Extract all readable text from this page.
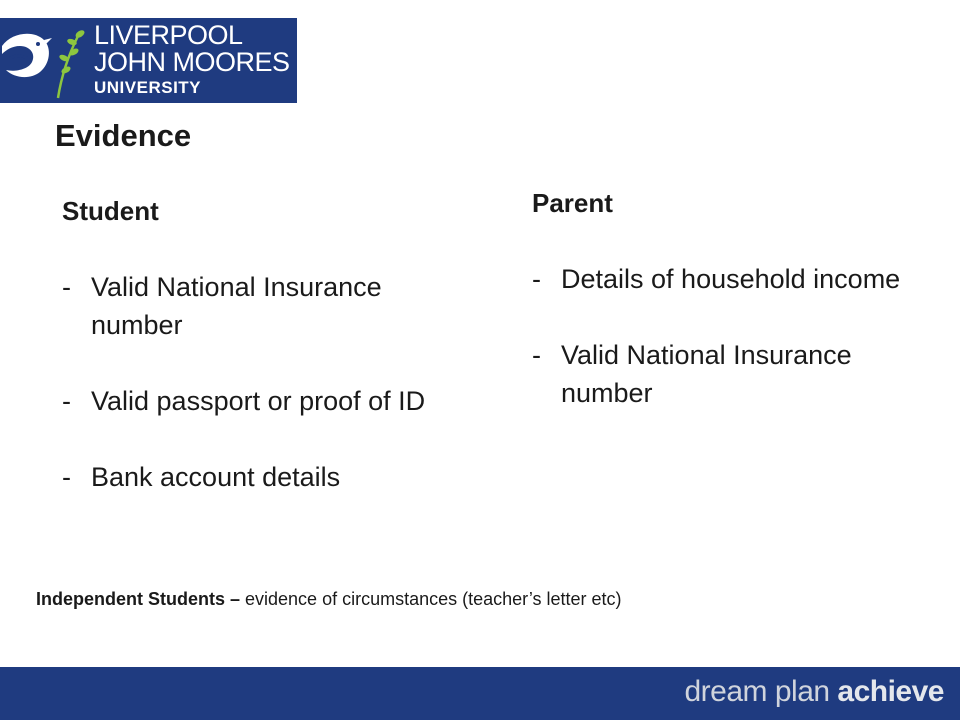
LIVERPOOL
JOHN MOORES
UNIVERSITY
Evidence
Student
- Valid National Insurance number
- Valid passport or proof of ID
- Bank account details
Parent
- Details of household income
- Valid National Insurance number

Independent Students – evidence of circumstances (teacher’s letter etc)

dream plan achieve
